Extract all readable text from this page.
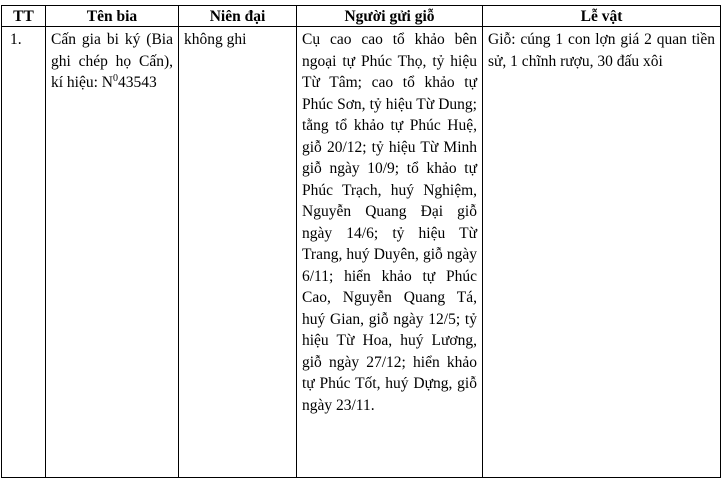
TT	Tên bia	Niên đại	Người gửi giỗ	Lễ vật

1.	Cấn gia bi ký (Bia ghi chép họ Cấn), kí hiệu: $N^043543$	không ghi	Cụ cao cao tổ khảo bên ngoại tự Phúc Thọ, tỷ hiệu Từ Tâm; cao tổ khảo tự Phúc Sơn, tỷ hiệu Từ Dung; tằng tổ khảo tự Phúc Huệ, giỗ 20/12; tỷ hiệu Từ Minh giỗ ngày 10/9; tổ khảo tự Phúc Trạch, huý Nghiệm, Nguyễn Quang Đại giỗ ngày 14/6; tỷ hiệu Từ Trang, huý Duyên, giỗ ngày 6/11; hiển khảo tự Phúc Cao, Nguyễn Quang Tá, huý Gian, giỗ ngày 12/5; tỷ hiệu Từ Hoa, huý Lương, giỗ ngày 27/12; hiển khảo tự Phúc Tốt, huý Dựng, giỗ ngày 23/11.	Giỗ: cúng 1 con lợn giá 2 quan tiền sử, 1 chĩnh rượu, 30 đấu xôi
